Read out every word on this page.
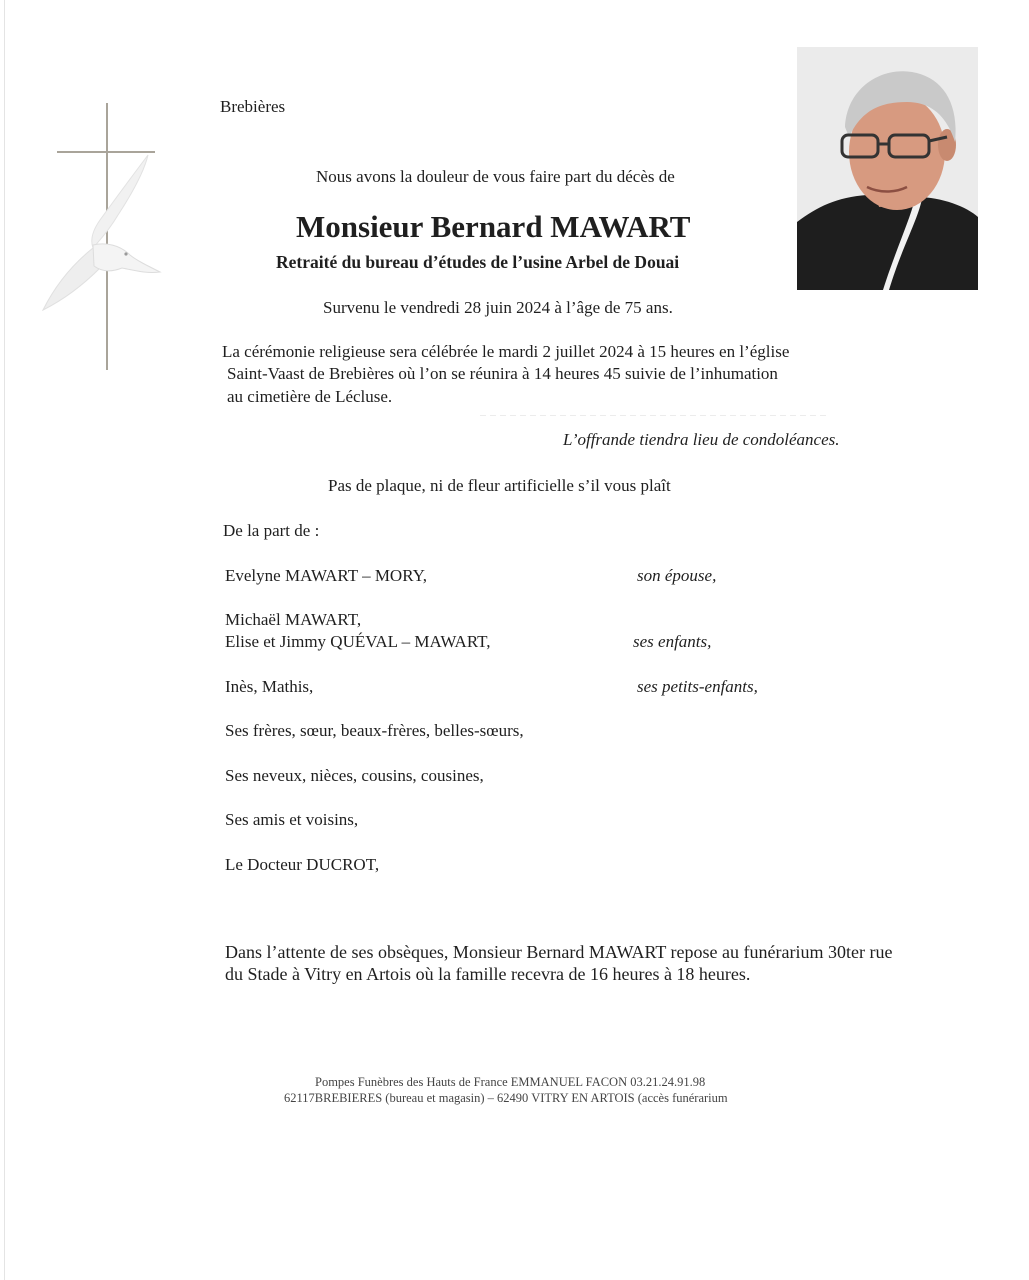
Brebières
Nous avons la douleur de vous faire part du décès de
Monsieur Bernard MAWART
Retraité du bureau d’études de l’usine Arbel de Douai
Survenu le vendredi 28 juin 2024 à l’âge de 75 ans.
La cérémonie religieuse sera célébrée le mardi 2 juillet 2024 à 15 heures en l’église
Saint-Vaast de Brebières où l’on se réunira à 14 heures 45 suivie de l’inhumation
au cimetière de Lécluse.
L’offrande tiendra lieu de condoléances.
Pas de plaque, ni de fleur artificielle s’il vous plaît
De la part de :
Evelyne MAWART – MORY,	son épouse,
Michaël MAWART,
Elise et Jimmy QUÉVAL – MAWART,	ses enfants,
Inès, Mathis,	ses petits-enfants,
Ses frères, sœur, beaux-frères, belles-sœurs,
Ses neveux, nièces, cousins, cousines,
Ses amis et voisins,
Le Docteur DUCROT,
Dans l’attente de ses obsèques, Monsieur Bernard MAWART repose au funérarium 30ter rue
du Stade à Vitry en Artois où la famille recevra de 16 heures à 18 heures.
Pompes Funèbres des Hauts de France EMMANUEL FACON 03.21.24.91.98
62117BREBIERES (bureau et magasin) – 62490 VITRY EN ARTOIS (accès funérarium
